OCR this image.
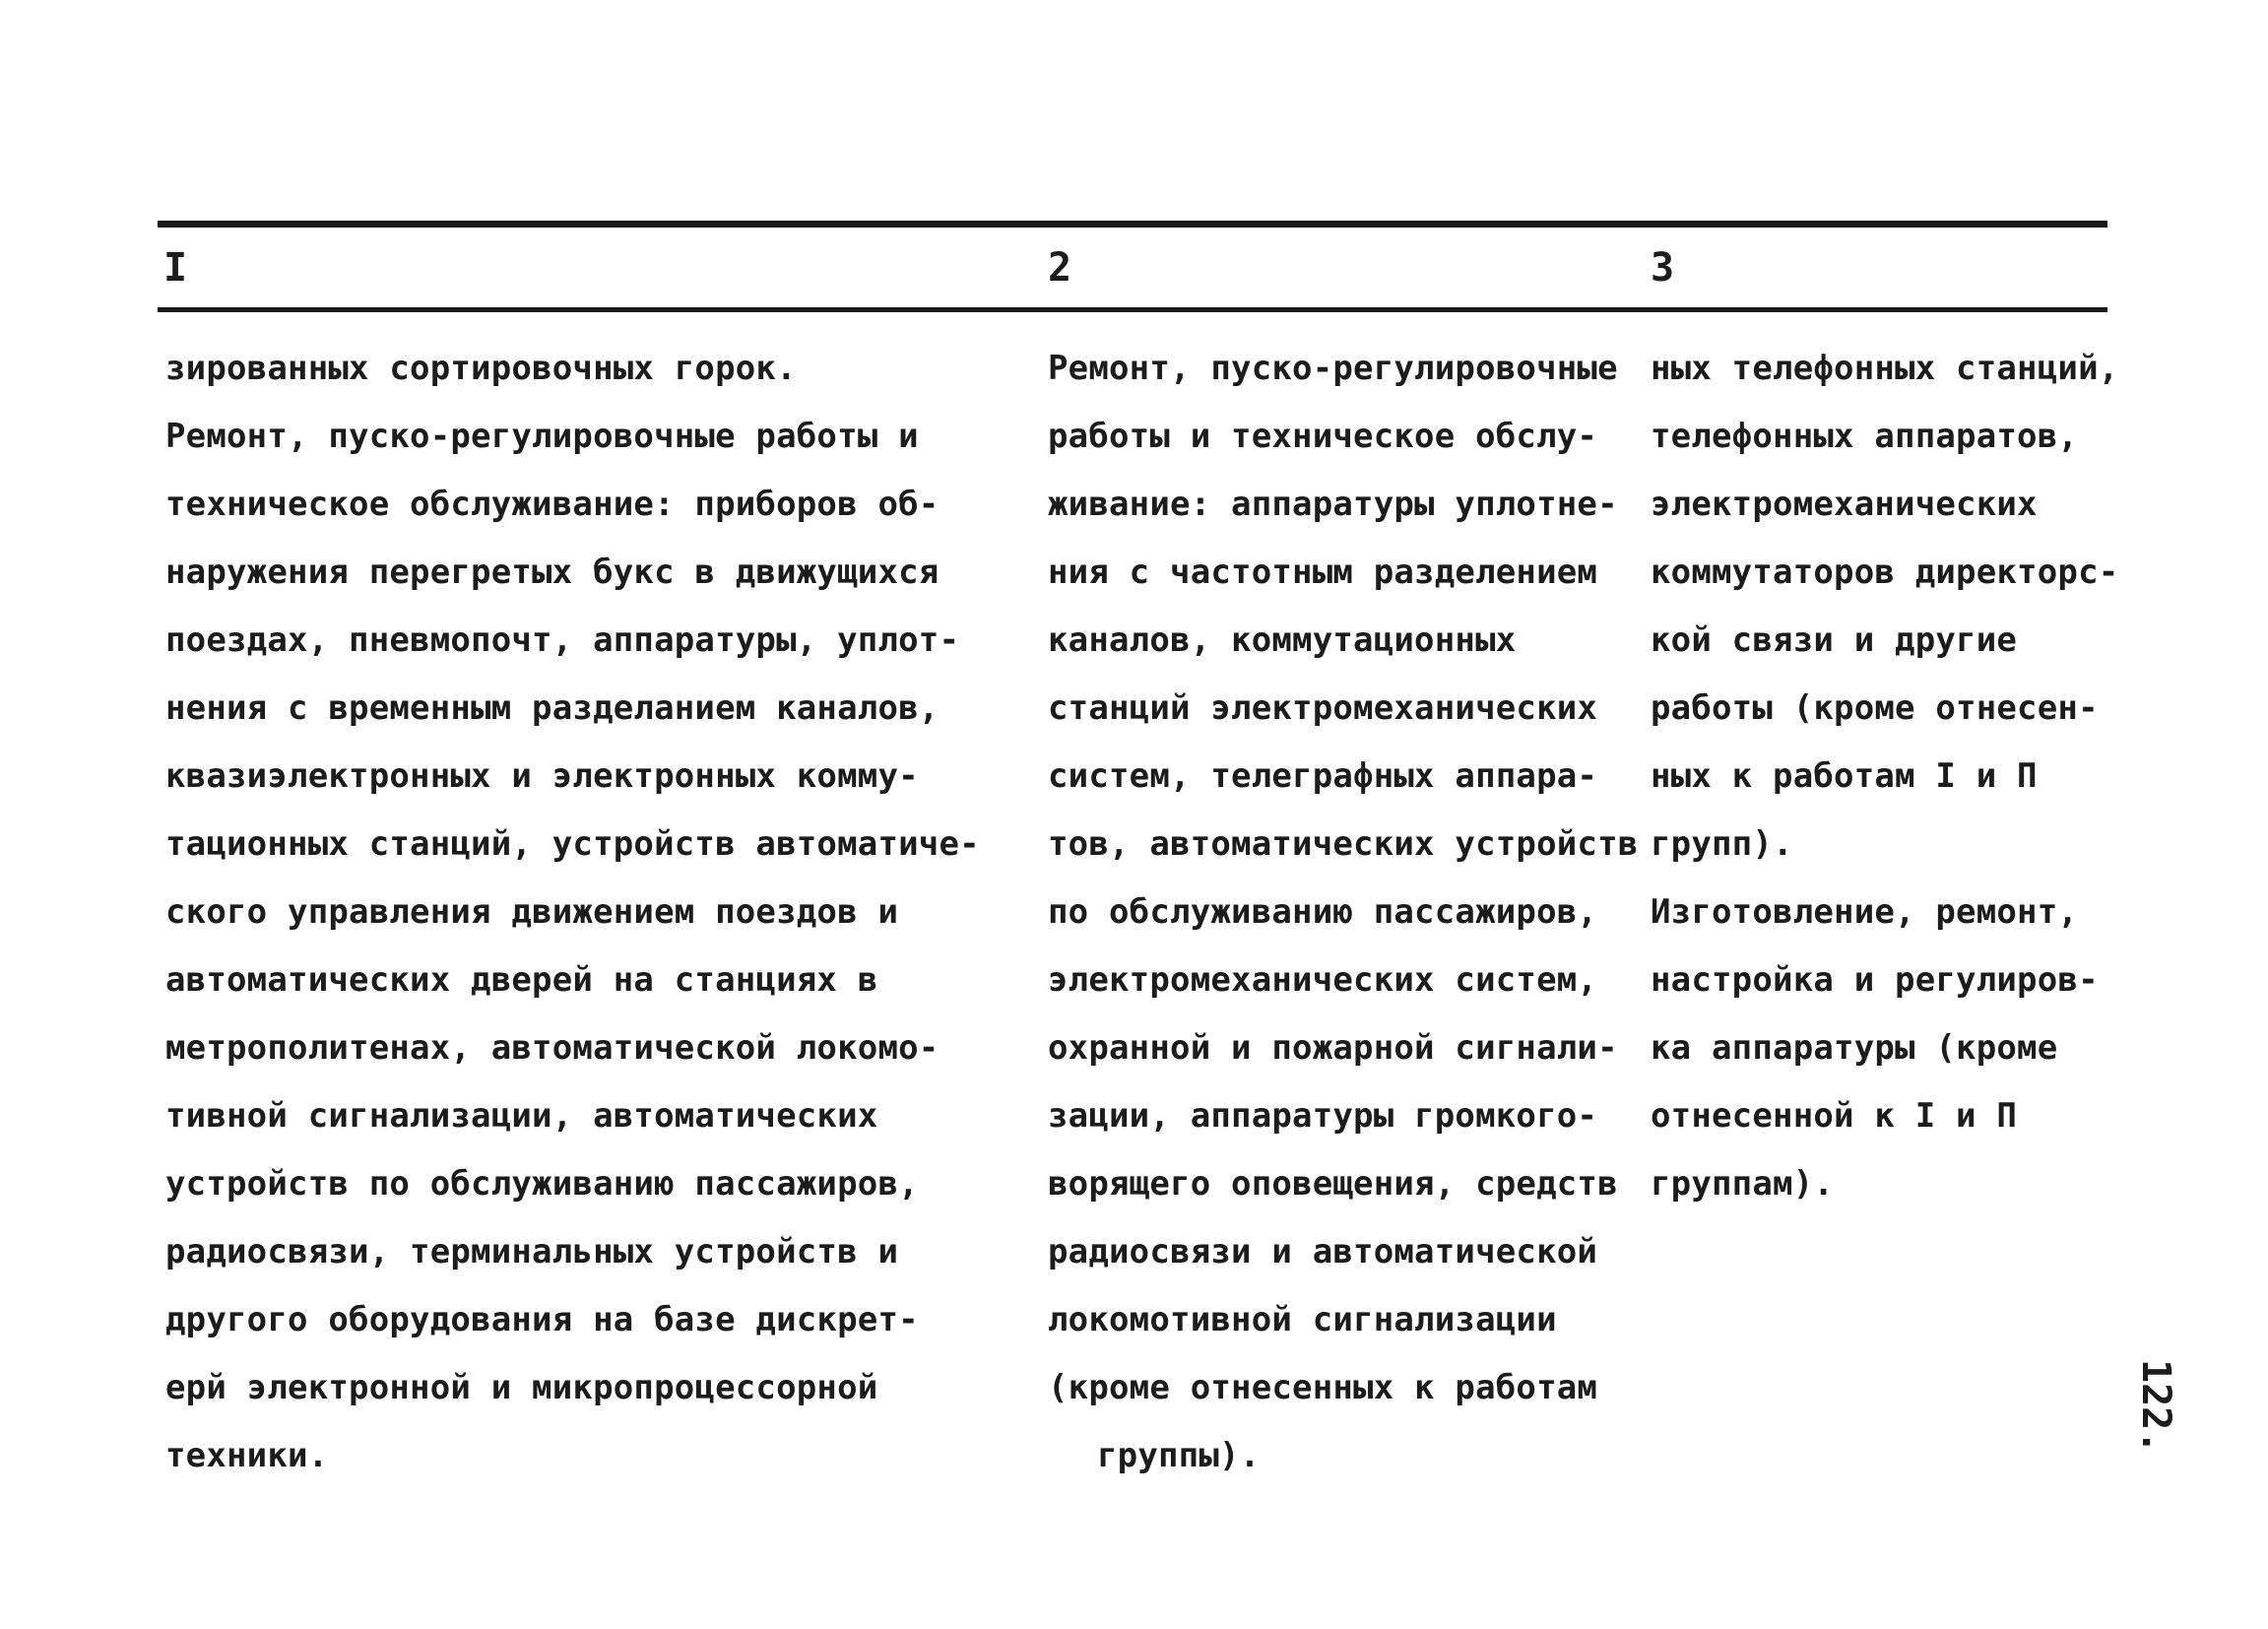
I	2	3
зированных сортировочных горок.
Ремонт, пуско-регулировочные работы и
техническое обслуживание: приборов об-
наружения перегретых букс в движущихся
поездах, пневмопочт, аппаратуры, уплот-
нения с временным разделанием каналов,
квазиэлектронных и электронных комму-
тационных станций, устройств автоматиче-
ского управления движением поездов и
автоматических дверей на станциях в
метрополитенах, автоматической локомо-
тивной сигнализации, автоматических
устройств по обслуживанию пассажиров,
радиосвязи, терминальных устройств и
другого оборудования на базе дискрет-
ерй электронной и микропроцессорной
техники.
Ремонт, пуско-регулировочные
работы и техническое обслу-
живание: аппаратуры уплотне-
ния с частотным разделением
каналов, коммутационных
станций электромеханических
систем, телеграфных аппара-
тов, автоматических устройств
по обслуживанию пассажиров,
электромеханических систем,
охранной и пожарной сигнали-
зации, аппаратуры громкого-
ворящего оповещения, средств
радиосвязи и автоматической
локомотивной сигнализации
(кроме отнесенных к работам
группы).
ных телефонных станций,
телефонных аппаратов,
электромеханических
коммутаторов директорс-
кой связи и другие
работы (кроме отнесен-
ных к работам I и П
групп).
Изготовление, ремонт,
настройка и регулиров-
ка аппаратуры (кроме
отнесенной к I и П
группам).
122.
